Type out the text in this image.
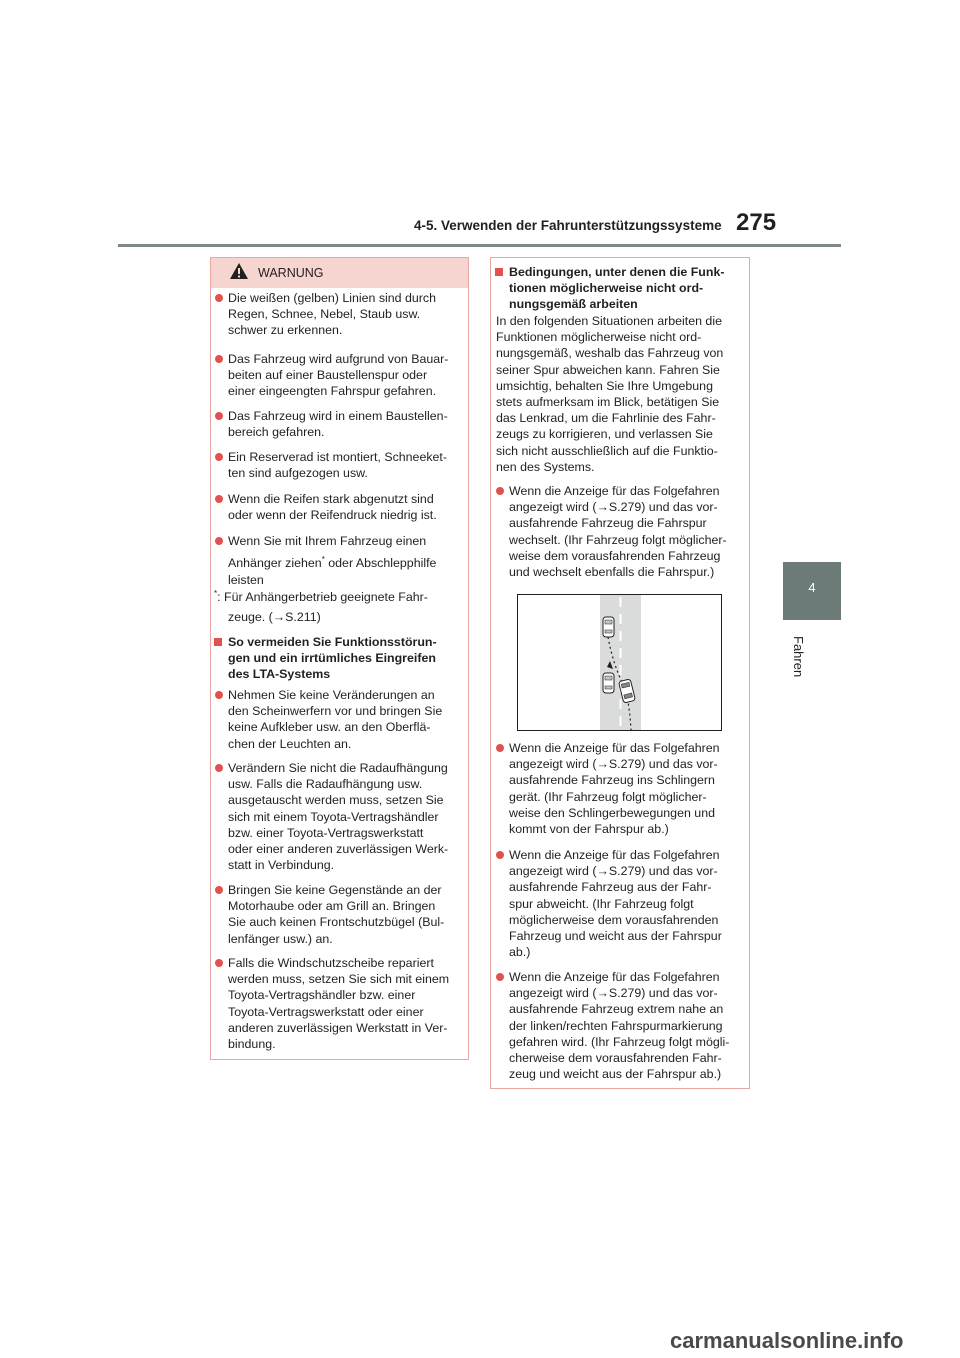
4-5. Verwenden der Fahrunterstützungssysteme 275
4
Fahren
WARNUNG
Die weißen (gelben) Linien sind durch
Regen, Schnee, Nebel, Staub usw.
schwer zu erkennen.
Das Fahrzeug wird aufgrund von Bauar-
beiten auf einer Baustellenspur oder
einer eingeengten Fahrspur gefahren.
Das Fahrzeug wird in einem Baustellen-
bereich gefahren.
Ein Reserverad ist montiert, Schneeket-
ten sind aufgezogen usw.
Wenn die Reifen stark abgenutzt sind
oder wenn der Reifendruck niedrig ist.
Wenn Sie mit Ihrem Fahrzeug einen
Anhänger ziehen* oder Abschlepphilfe
leisten
*: Für Anhängerbetrieb geeignete Fahr-
zeuge. (→S.211)
So vermeiden Sie Funktionsstörun-
gen und ein irrtümliches Eingreifen
des LTA-Systems
Nehmen Sie keine Veränderungen an
den Scheinwerfern vor und bringen Sie
keine Aufkleber usw. an den Oberflä-
chen der Leuchten an.
Verändern Sie nicht die Radaufhängung
usw. Falls die Radaufhängung usw.
ausgetauscht werden muss, setzen Sie
sich mit einem Toyota-Vertragshändler
bzw. einer Toyota-Vertragswerkstatt
oder einer anderen zuverlässigen Werk-
statt in Verbindung.
Bringen Sie keine Gegenstände an der
Motorhaube oder am Grill an. Bringen
Sie auch keinen Frontschutzbügel (Bul-
lenfänger usw.) an.
Falls die Windschutzscheibe repariert
werden muss, setzen Sie sich mit einem
Toyota-Vertragshändler bzw. einer
Toyota-Vertragswerkstatt oder einer
anderen zuverlässigen Werkstatt in Ver-
bindung.
Bedingungen, unter denen die Funk-
tionen möglicherweise nicht ord-
nungsgemäß arbeiten
In den folgenden Situationen arbeiten die
Funktionen möglicherweise nicht ord-
nungsgemäß, weshalb das Fahrzeug von
seiner Spur abweichen kann. Fahren Sie
umsichtig, behalten Sie Ihre Umgebung
stets aufmerksam im Blick, betätigen Sie
das Lenkrad, um die Fahrlinie des Fahr-
zeugs zu korrigieren, und verlassen Sie
sich nicht ausschließlich auf die Funktio-
nen des Systems.
Wenn die Anzeige für das Folgefahren
angezeigt wird (→S.279) und das vor-
ausfahrende Fahrzeug die Fahrspur
wechselt. (Ihr Fahrzeug folgt möglicher-
weise dem vorausfahrenden Fahrzeug
und wechselt ebenfalls die Fahrspur.)
Wenn die Anzeige für das Folgefahren
angezeigt wird (→S.279) und das vor-
ausfahrende Fahrzeug ins Schlingern
gerät. (Ihr Fahrzeug folgt möglicher-
weise den Schlingerbewegungen und
kommt von der Fahrspur ab.)
Wenn die Anzeige für das Folgefahren
angezeigt wird (→S.279) und das vor-
ausfahrende Fahrzeug aus der Fahr-
spur abweicht. (Ihr Fahrzeug folgt
möglicherweise dem vorausfahrenden
Fahrzeug und weicht aus der Fahrspur
ab.)
Wenn die Anzeige für das Folgefahren
angezeigt wird (→S.279) und das vor-
ausfahrende Fahrzeug extrem nahe an
der linken/rechten Fahrspurmarkierung
gefahren wird. (Ihr Fahrzeug folgt mögli-
cherweise dem vorausfahrenden Fahr-
zeug und weicht aus der Fahrspur ab.)
carmanualsonline.info
